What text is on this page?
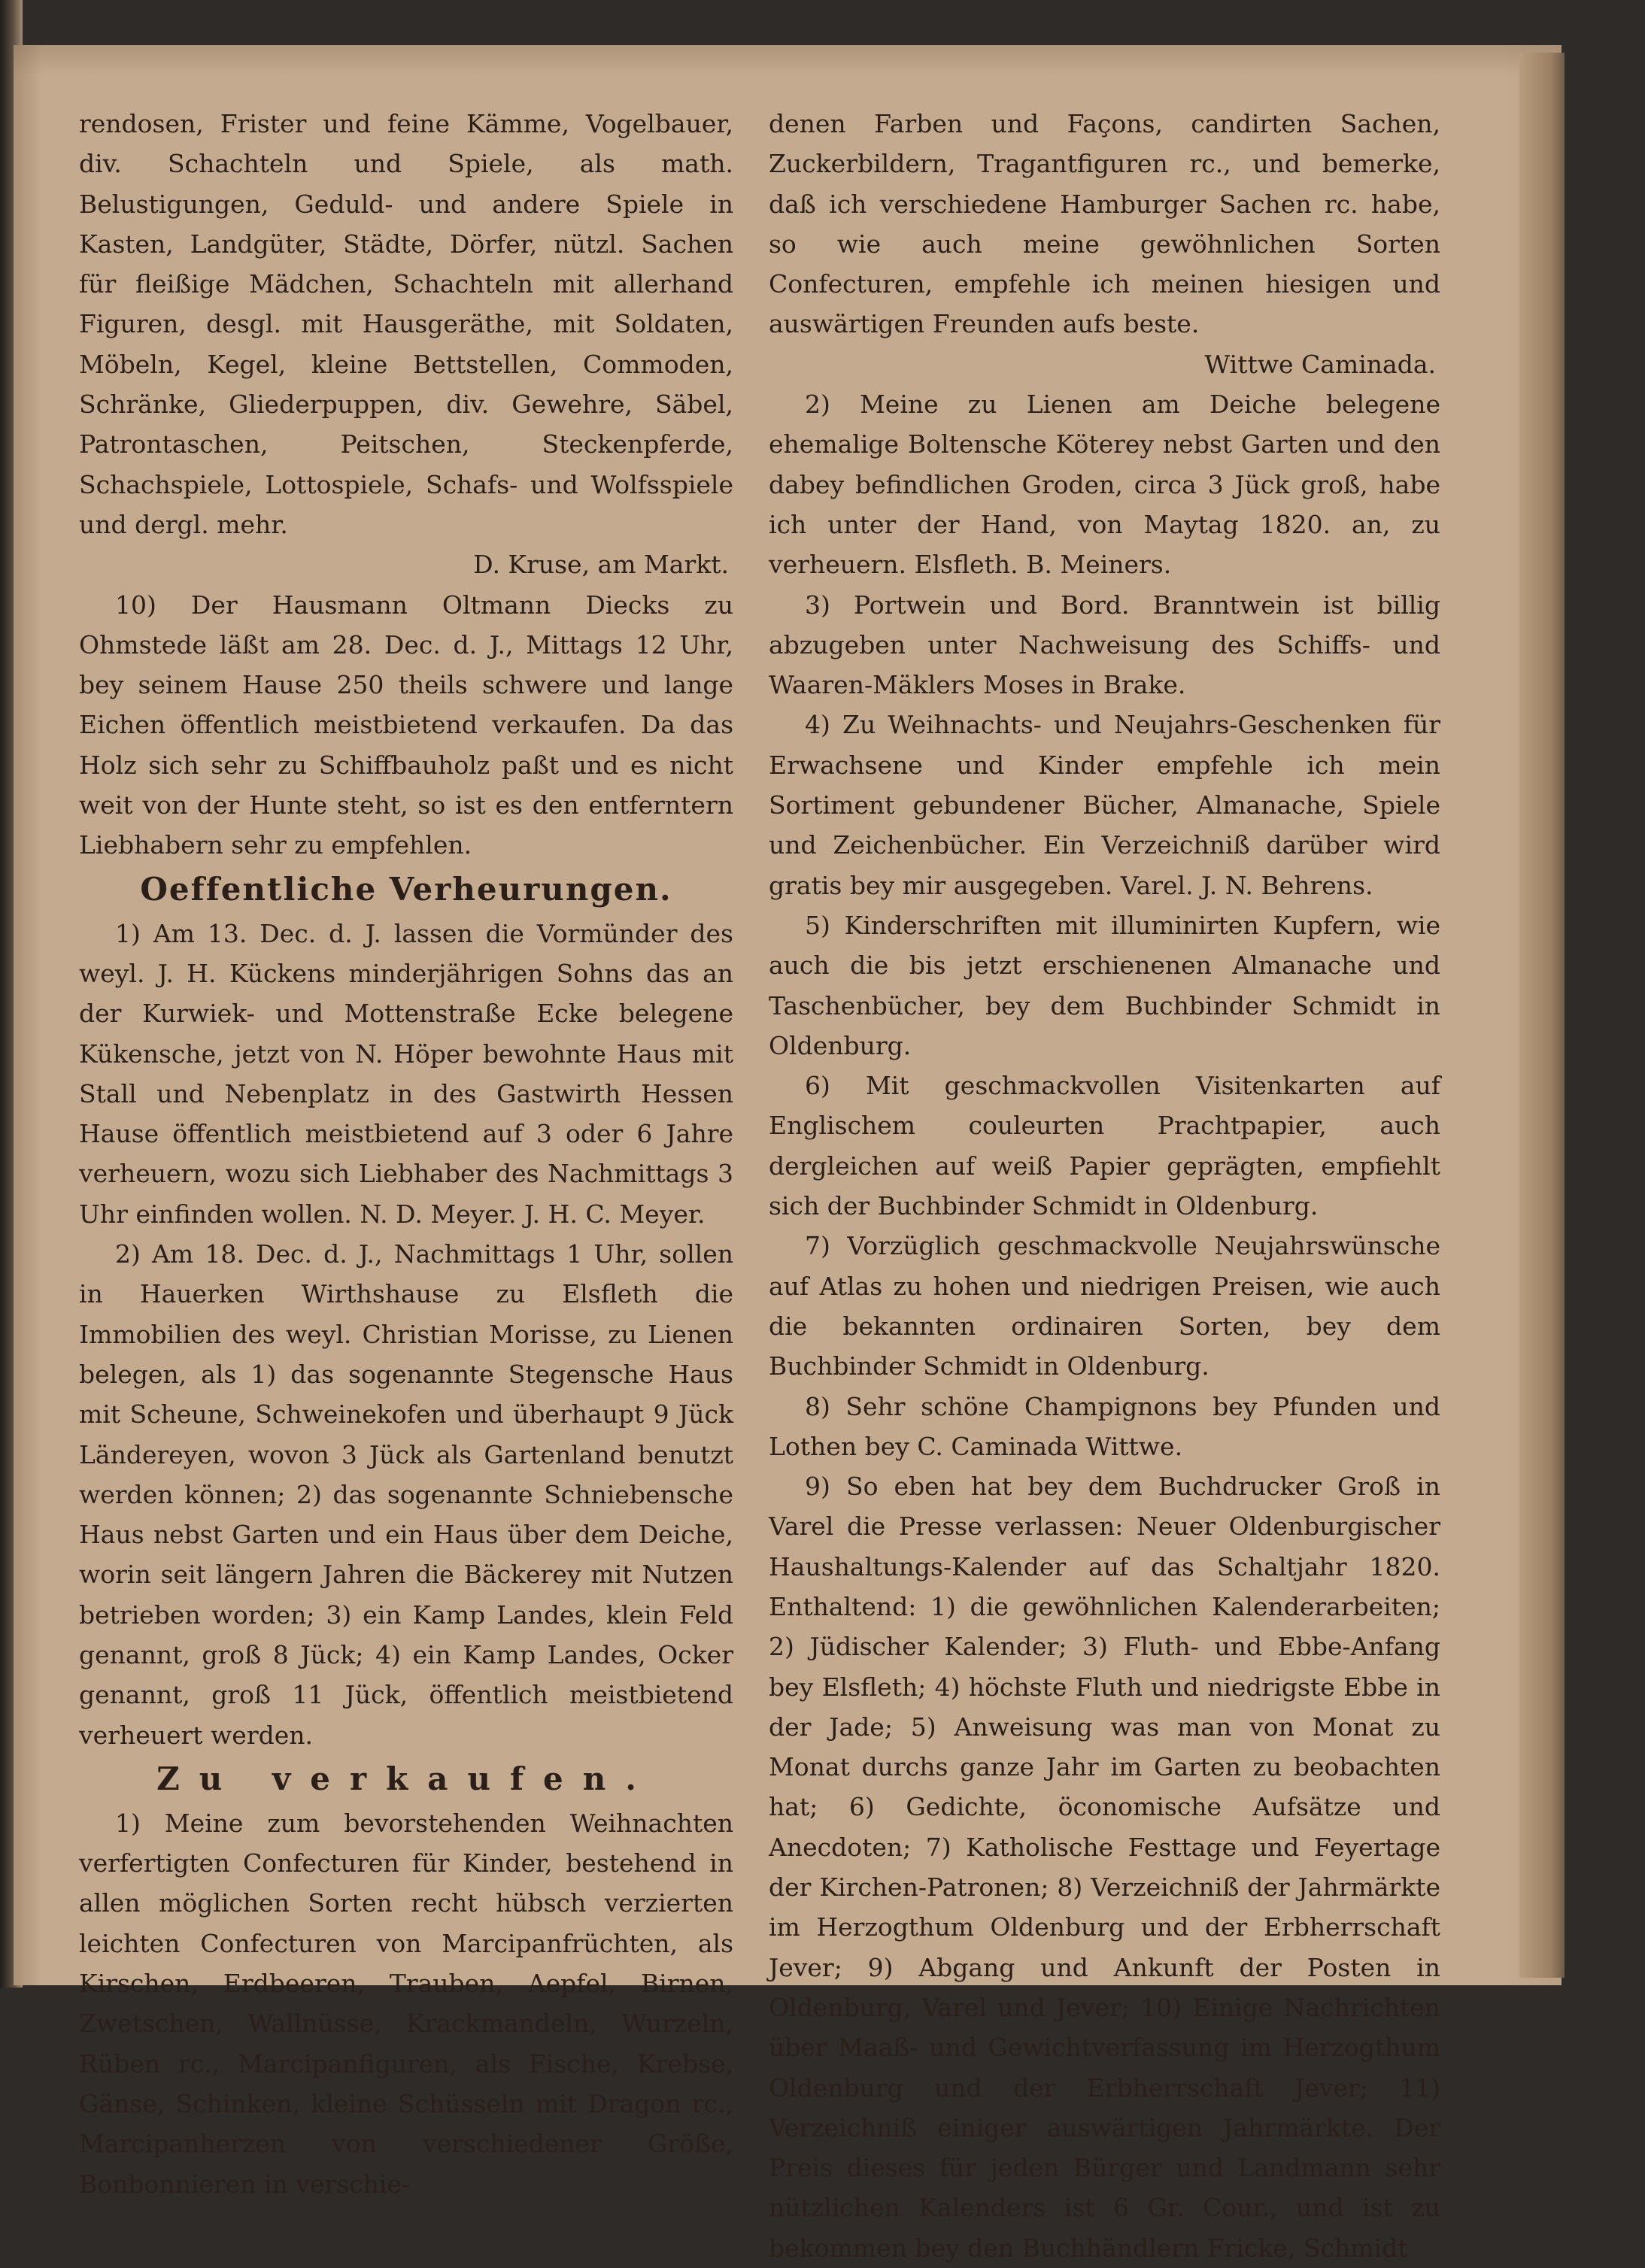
rendosen, Frister und feine Kämme, Vogelbauer, div. Schachteln und Spiele, als math. Belustigungen, Geduld- und andere Spiele in Kasten, Landgüter, Städte, Dörfer, nützl. Sachen für fleißige Mädchen, Schachteln mit allerhand Figuren, desgl. mit Hausgeräthe, mit Soldaten, Möbeln, Kegel, kleine Bettstellen, Commoden, Schränke, Gliederpuppen, div. Gewehre, Säbel, Patrontaschen, Peitschen, Steckenpferde, Schachspiele, Lottospiele, Schafs- und Wolfsspiele und dergl. mehr.

D. Kruse, am Markt.

10) Der Hausmann Oltmann Diecks zu Ohmstede läßt am 28. Dec. d. J., Mittags 12 Uhr, bey seinem Hause 250 theils schwere und lange Eichen öffentlich meistbietend verkaufen. Da das Holz sich sehr zu Schiffbauholz paßt und es nicht weit von der Hunte steht, so ist es den entferntern Liebhabern sehr zu empfehlen.

Oeffentliche Verheurungen.

1) Am 13. Dec. d. J. lassen die Vormünder des weyl. J. H. Kückens minderjährigen Sohns das an der Kurwiek- und Mottenstraße Ecke belegene Kükensche, jetzt von N. Höper bewohnte Haus mit Stall und Nebenplatz in des Gastwirth Hessen Hause öffentlich meistbietend auf 3 oder 6 Jahre verheuern, wozu sich Liebhaber des Nachmittags 3 Uhr einfinden wollen. N. D. Meyer. J. H. C. Meyer.

2) Am 18. Dec. d. J., Nachmittags 1 Uhr, sollen in Hauerken Wirthshause zu Elsfleth die Immobilien des weyl. Christian Morisse, zu Lienen belegen, als 1) das sogenannte Stegensche Haus mit Scheune, Schweinekofen und überhaupt 9 Jück Ländereyen, wovon 3 Jück als Gartenland benutzt werden können; 2) das sogenannte Schniebensche Haus nebst Garten und ein Haus über dem Deiche, worin seit längern Jahren die Bäckerey mit Nutzen betrieben worden; 3) ein Kamp Landes, klein Feld genannt, groß 8 Jück; 4) ein Kamp Landes, Ocker genannt, groß 11 Jück, öffentlich meistbietend verheuert werden.

Zu verkaufen.

1) Meine zum bevorstehenden Weihnachten verfertigten Confecturen für Kinder, bestehend in allen möglichen Sorten recht hübsch verzierten leichten Confecturen von Marcipanfrüchten, als Kirschen, Erdbeeren, Trauben, Aepfel, Birnen, Zwetschen, Wallnüsse, Krackmandeln, Wurzeln, Rüben rc., Marcipanfiguren, als Fische, Krebse, Gänse, Schinken, kleine Schüsseln mit Dragon rc., Marcipanherzen von verschiedener Größe, Bonbonnieren in verschie-

denen Farben und Façons, candirten Sachen, Zuckerbildern, Tragantfiguren rc., und bemerke, daß ich verschiedene Hamburger Sachen rc. habe, so wie auch meine gewöhnlichen Sorten Confecturen, empfehle ich meinen hiesigen und auswärtigen Freunden aufs beste.

Wittwe Caminada.

2) Meine zu Lienen am Deiche belegene ehemalige Boltensche Köterey nebst Garten und den dabey befindlichen Groden, circa 3 Jück groß, habe ich unter der Hand, von Maytag 1820. an, zu verheuern. Elsfleth. B. Meiners.

3) Portwein und Bord. Branntwein ist billig abzugeben unter Nachweisung des Schiffs- und Waaren-Mäklers Moses in Brake.

4) Zu Weihnachts- und Neujahrs-Geschenken für Erwachsene und Kinder empfehle ich mein Sortiment gebundener Bücher, Almanache, Spiele und Zeichenbücher. Ein Verzeichniß darüber wird gratis bey mir ausgegeben. Varel. J. N. Behrens.

5) Kinderschriften mit illuminirten Kupfern, wie auch die bis jetzt erschienenen Almanache und Taschenbücher, bey dem Buchbinder Schmidt in Oldenburg.

6) Mit geschmackvollen Visitenkarten auf Englischem couleurten Prachtpapier, auch dergleichen auf weiß Papier geprägten, empfiehlt sich der Buchbinder Schmidt in Oldenburg.

7) Vorzüglich geschmackvolle Neujahrswünsche auf Atlas zu hohen und niedrigen Preisen, wie auch die bekannten ordinairen Sorten, bey dem Buchbinder Schmidt in Oldenburg.

8) Sehr schöne Champignons bey Pfunden und Lothen bey C. Caminada Wittwe.

9) So eben hat bey dem Buchdrucker Groß in Varel die Presse verlassen: Neuer Oldenburgischer Haushaltungs-Kalender auf das Schaltjahr 1820. Enthaltend: 1) die gewöhnlichen Kalenderarbeiten; 2) Jüdischer Kalender; 3) Fluth- und Ebbe-Anfang bey Elsfleth; 4) höchste Fluth und niedrigste Ebbe in der Jade; 5) Anweisung was man von Monat zu Monat durchs ganze Jahr im Garten zu beobachten hat; 6) Gedichte, öconomische Aufsätze und Anecdoten; 7) Katholische Festtage und Feyertage der Kirchen-Patronen; 8) Verzeichniß der Jahrmärkte im Herzogthum Oldenburg und der Erbherrschaft Jever; 9) Abgang und Ankunft der Posten in Oldenburg, Varel und Jever; 10) Einige Nachrichten über Maaß- und Gewichtverfassung im Herzogthum Oldenburg und der Erbherrschaft Jever; 11) Verzeichniß einiger auswärtigen Jahrmärkte. Der Preis dieses für jeden Bürger und Landmann sehr nützlichen Kalenders ist 6 Gr. Cour., und ist zu bekommen bey den Buchhändlern Fricke, Schmidt
